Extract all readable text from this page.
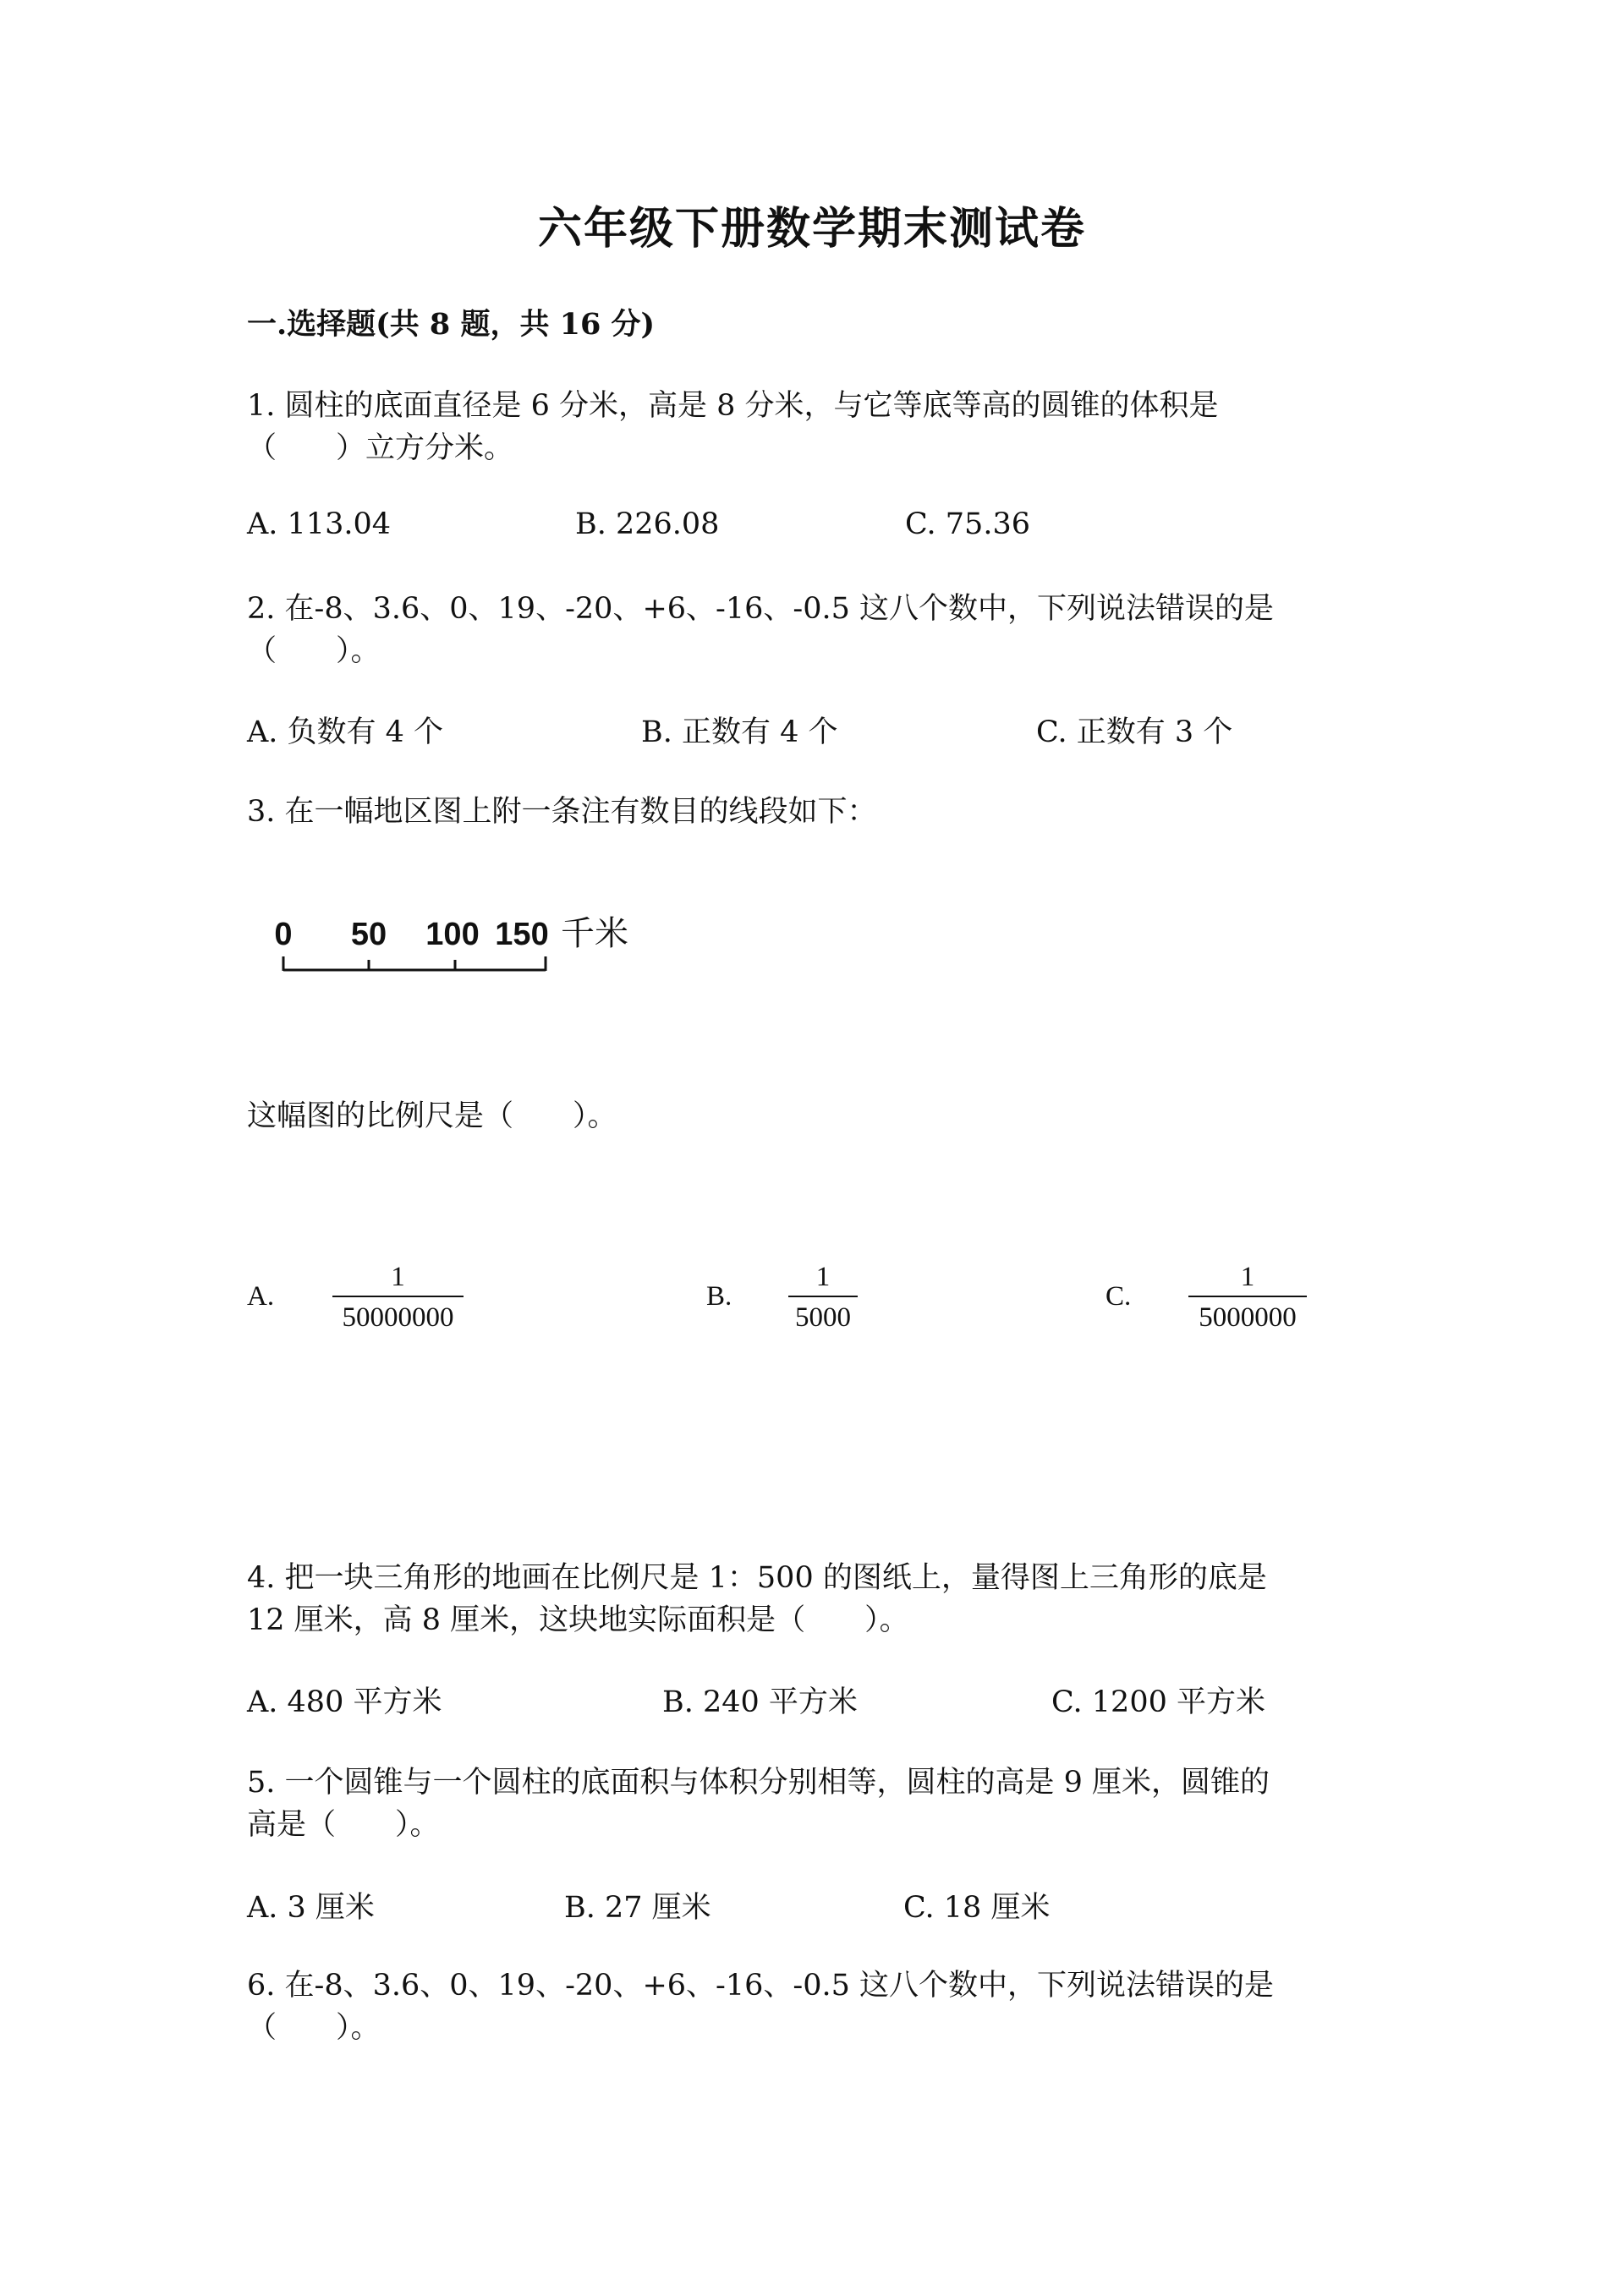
六年级下册数学期末测试卷
一.选择题(共 8 题，共 16 分)
1. 圆柱的底面直径是 6 分米，高是 8 分米，与它等底等高的圆锥的体积是
（　　）立方分米。
A. 113.04	B. 226.08	C. 75.36
2. 在-8、3.6、0、19、-20、+6、-16、-0.5 这八个数中，下列说法错误的是
（　　）。
A. 负数有 4 个	B. 正数有 4 个	C. 正数有 3 个
3. 在一幅地区图上附一条注有数目的线段如下：
0 50 100 150 千米
这幅图的比例尺是（　　）。
A.
1
50000000
B.
1
5000
C.
1
5000000
4. 把一块三角形的地画在比例尺是 1：500 的图纸上，量得图上三角形的底是
12 厘米，高 8 厘米，这块地实际面积是（　　）。
A. 480 平方米	B. 240 平方米	C. 1200 平方米
5. 一个圆锥与一个圆柱的底面积与体积分别相等，圆柱的高是 9 厘米，圆锥的
高是（　　）。
A. 3 厘米	B. 27 厘米	C. 18 厘米
6. 在-8、3.6、0、19、-20、+6、-16、-0.5 这八个数中，下列说法错误的是
（　　）。
